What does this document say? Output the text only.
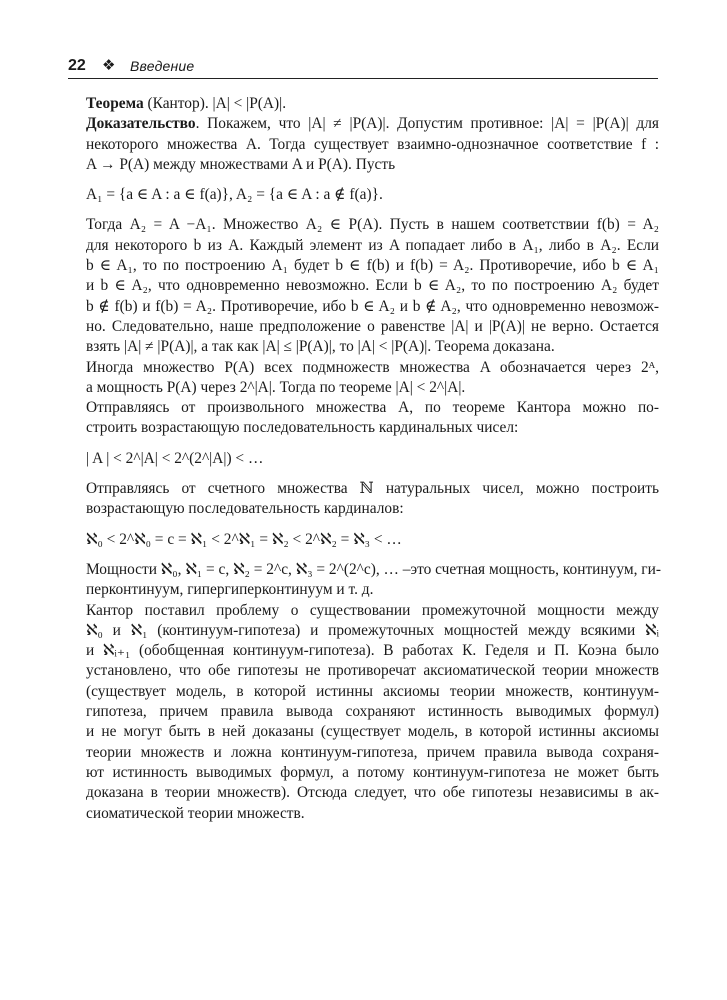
22 ❖ Введение
Теорема (Кантор). |A| < |P(A)|.
Доказательство. Покажем, что |A| ≠ |P(A)|. Допустим противное: |A| = |P(A)| для
некоторого множества A. Тогда существует взаимно-однозначное соответствие f :
A → P(A) между множествами A и P(A). Пусть
A₁ = {a ∈ A : a ∈ f(a)}, A₂ = {a ∈ A : a ∉ f(a)}.
Тогда A₂ = A −A₁. Множество A₂ ∈ P(A). Пусть в нашем соответствии f(b) = A₂
для некоторого b из A. Каждый элемент из A попадает либо в A₁, либо в A₂. Если
b ∈ A₁, то по построению A₁ будет b ∈ f(b) и f(b) = A₂. Противоречие, ибо b ∈ A₁
и b ∈ A₂, что одновременно невозможно. Если b ∈ A₂, то по построению A₂ будет
b ∉ f(b) и f(b) = A₂. Противоречие, ибо b ∈ A₂ и b ∉ A₂, что одновременно невозмож-
но. Следовательно, наше предположение о равенстве |A| и |P(A)| не верно. Остается
взять |A| ≠ |P(A)|, а так как |A| ≤ |P(A)|, то |A| < |P(A)|. Теорема доказана.
Иногда множество P(A) всех подмножеств множества A обозначается через 2ᴬ,
а мощность P(A) через 2^|A|. Тогда по теореме |A| < 2^|A|.
Отправляясь от произвольного множества A, по теореме Кантора можно по-
строить возрастающую последовательность кардинальных чисел:
| A | < 2^|A| < 2^(2^|A|) < …
Отправляясь от счетного множества ℕ натуральных чисел, можно построить
возрастающую последовательность кардиналов:
ℵ₀ < 2^ℵ₀ = c = ℵ₁ < 2^ℵ₁ = ℵ₂ < 2^ℵ₂ = ℵ₃ < …
Мощности ℵ₀, ℵ₁ = c, ℵ₂ = 2^c, ℵ₃ = 2^(2^c), … –это счетная мощность, континуум, ги-
перконтинуум, гипергиперконтинуум и т. д.
Кантор поставил проблему о существовании промежуточной мощности между
ℵ₀ и ℵ₁ (континуум-гипотеза) и промежуточных мощностей между всякими ℵᵢ
и ℵᵢ₊₁ (обобщенная континуум-гипотеза). В работах К. Геделя и П. Коэна было
установлено, что обе гипотезы не противоречат аксиоматической теории множеств
(существует модель, в которой истинны аксиомы теории множеств, континуум-
гипотеза, причем правила вывода сохраняют истинность выводимых формул)
и не могут быть в ней доказаны (существует модель, в которой истинны аксиомы
теории множеств и ложна континуум-гипотеза, причем правила вывода сохраня-
ют истинность выводимых формул, а потому континуум-гипотеза не может быть
доказана в теории множеств). Отсюда следует, что обе гипотезы независимы в ак-
сиоматической теории множеств.
